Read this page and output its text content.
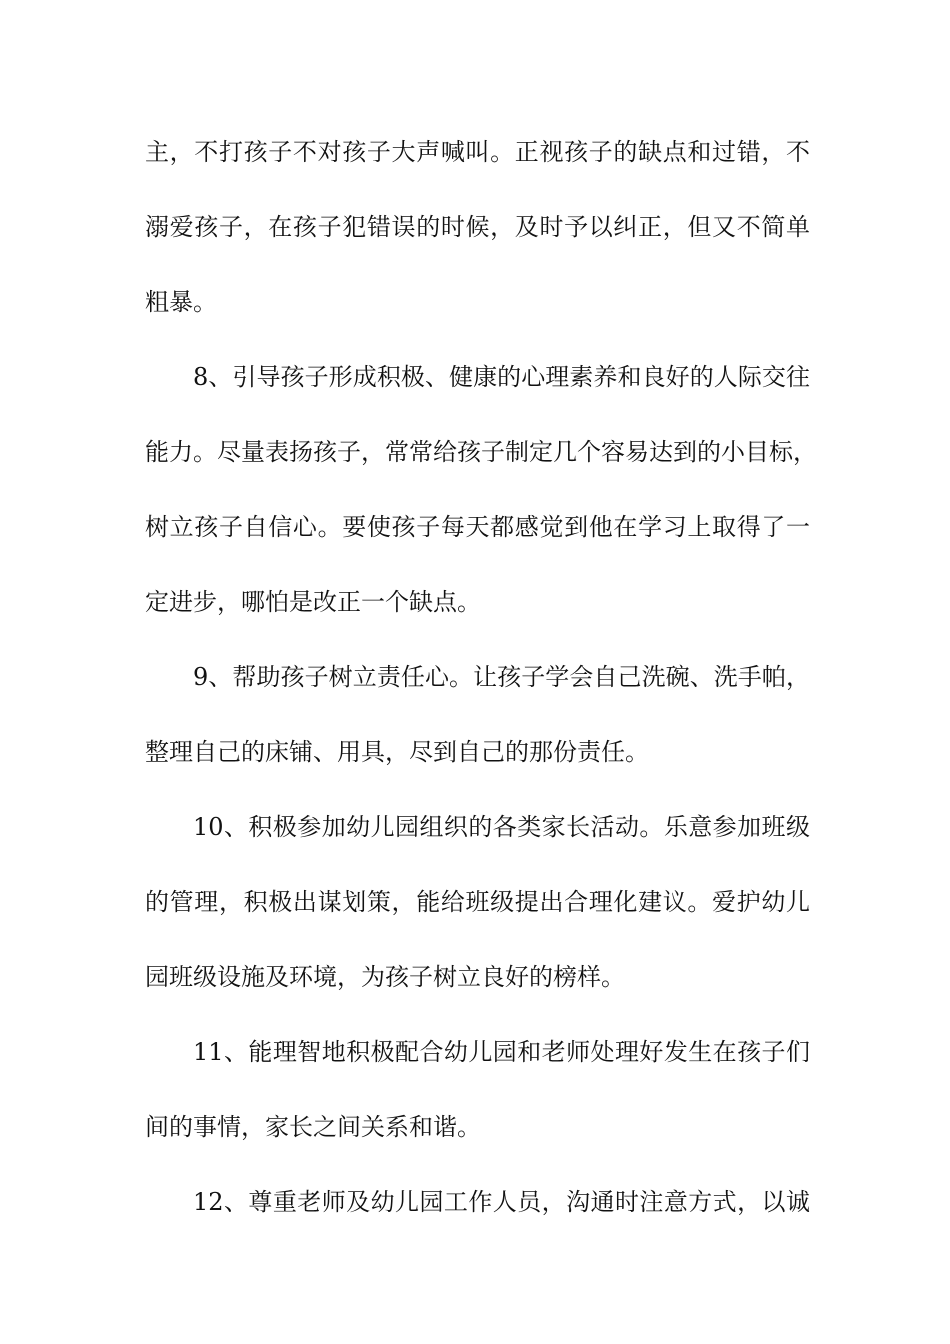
主，不打孩子不对孩子大声喊叫。正视孩子的缺点和过错，不
溺爱孩子，在孩子犯错误的时候，及时予以纠正，但又不简单
粗暴。
8、引导孩子形成积极、健康的心理素养和良好的人际交往
能力。尽量表扬孩子，常常给孩子制定几个容易达到的小目标，
树立孩子自信心。要使孩子每天都感觉到他在学习上取得了一
定进步，哪怕是改正一个缺点。
9、帮助孩子树立责任心。让孩子学会自己洗碗、洗手帕，
整理自己的床铺、用具，尽到自己的那份责任。
10、积极参加幼儿园组织的各类家长活动。乐意参加班级
的管理，积极出谋划策，能给班级提出合理化建议。爱护幼儿
园班级设施及环境，为孩子树立良好的榜样。
11、能理智地积极配合幼儿园和老师处理好发生在孩子们
间的事情，家长之间关系和谐。
12、尊重老师及幼儿园工作人员，沟通时注意方式，以诚
